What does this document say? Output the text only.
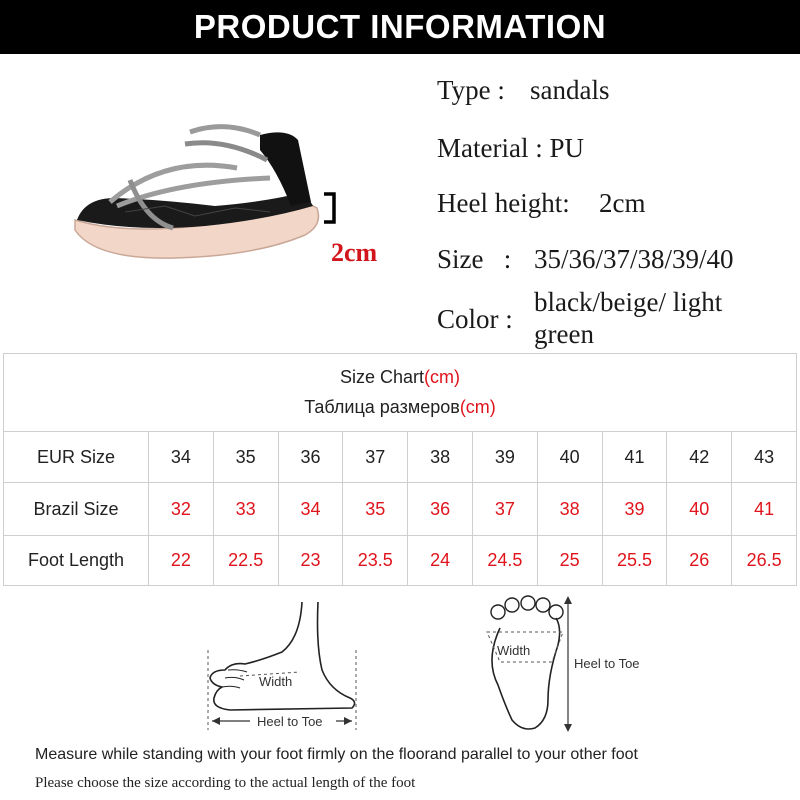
PRODUCT INFORMATION
2cm
Type : sandals
Material : PU
Heel height: 2cm
Size   : 35/36/37/38/39/40
Color :
black/beige/ light green
Size Chart(cm)
Таблица размеров(cm)										

EUR Size	34	35	36	37	38	39	40	41	42	43
Brazil Size	32	33	34	35	36	37	38	39	40	41
Foot Length	22	22.5	23	23.5	24	24.5	25	25.5	26	26.5
Width
Heel to Toe
Width
Heel to Toe
Measure while standing with your foot firmly on the floorand parallel to your other foot
Please choose the size according to the actual length of the foot
